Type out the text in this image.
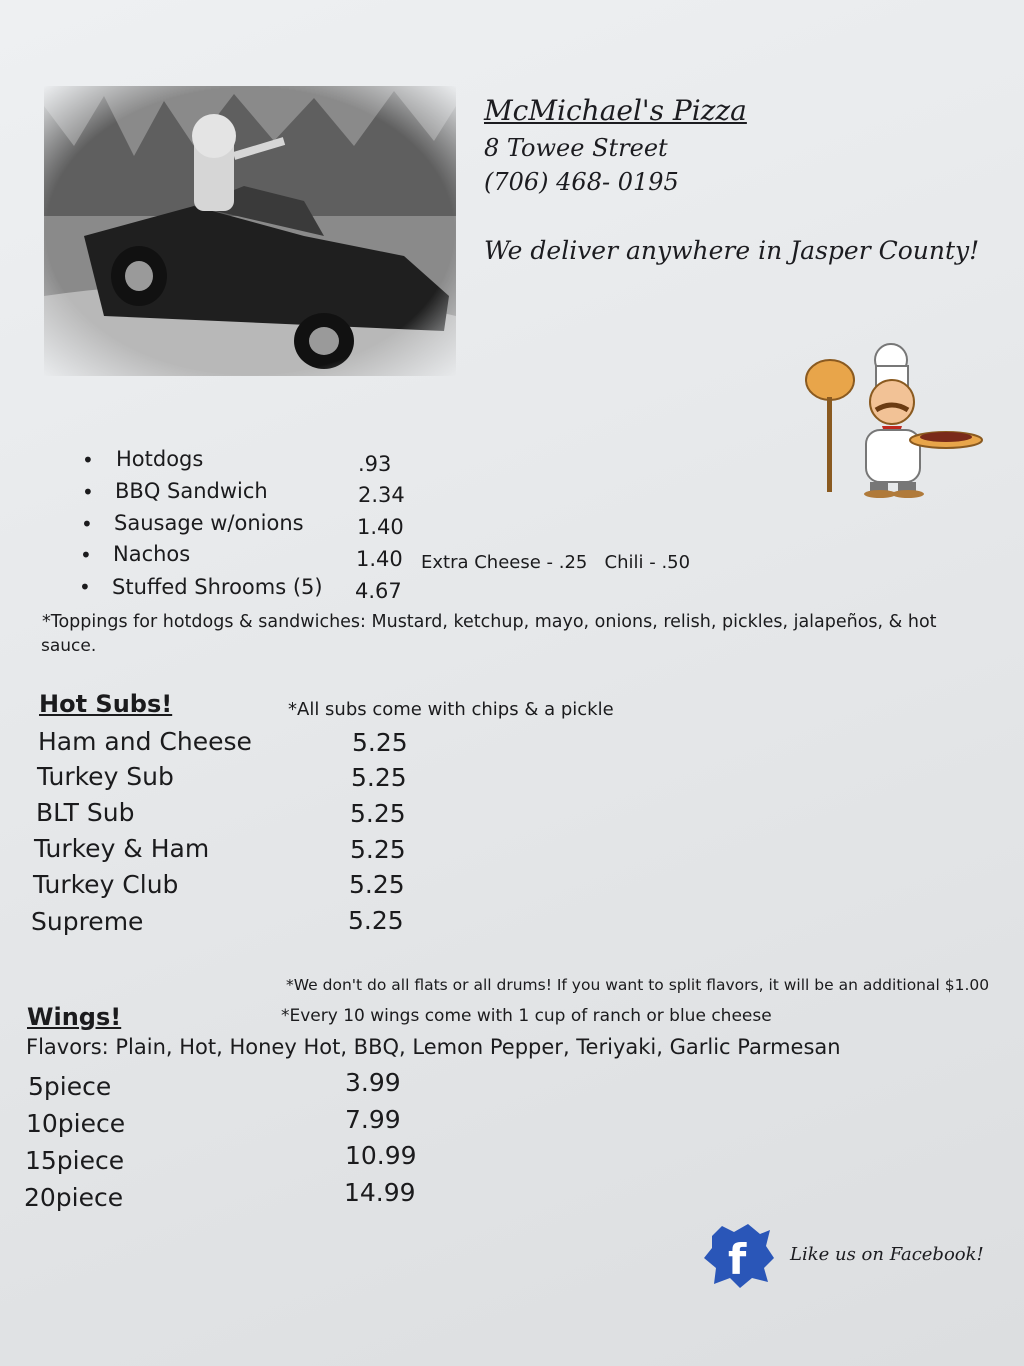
McMichael's Pizza
8 Towee Street
(706) 468- 0195
We deliver anywhere in Jasper County!
• Hotdogs	.93
• BBQ Sandwich	2.34
• Sausage w/onions	1.40
• Nachos	1.40 Extra Cheese - .25   Chili - .50
• Stuffed Shrooms (5) 4.67
*Toppings for hotdogs & sandwiches: Mustard, ketchup, mayo, onions, relish, pickles, jalapeños, & hot
sauce.
Hot Subs!	*All subs come with chips & a pickle
Ham and Cheese	5.25
Turkey Sub	5.25
BLT Sub	5.25
Turkey & Ham	5.25
Turkey Club	5.25
Supreme	5.25
*We don't do all flats or all drums! If you want to split flavors, it will be an additional $1.00
Wings!	*Every 10 wings come with 1 cup of ranch or blue cheese
Flavors: Plain, Hot, Honey Hot, BBQ, Lemon Pepper, Teriyaki, Garlic Parmesan
5piece	3.99
10piece	7.99
15piece	10.99
20piece	14.99
f Like us on Facebook!
